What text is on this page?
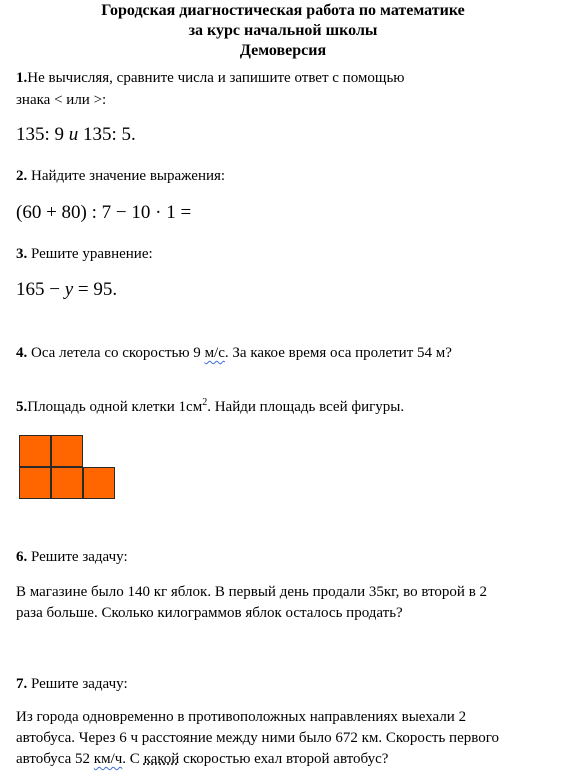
Городская диагностическая работа по математике
за курс начальной школы
Демоверсия
1.Не вычисляя, сравните числа и запишите ответ с помощью
знака < или >:
135: 9 и 135: 5.
2. Найдите значение выражения:
(60 + 80) : 7 − 10 · 1 =
3. Решите уравнение:
165 − y = 95.
4. Оса летела со скоростью 9 м/с. За какое время оса пролетит 54 м?
5.Площадь одной клетки $1см^2$. Найди площадь всей фигуры.
6. Решите задачу:
В магазине было 140 кг яблок. В первый день продали 35кг, во второй в 2
раза больше. Сколько килограммов яблок осталось продать?
7. Решите задачу:
Из города одновременно в противоположных направлениях выехали 2
автобуса. Через 6 ч расстояние между ними было 672 км. Скорость первого
автобуса 52 км/ч. С какой скоростью ехал второй автобус?
